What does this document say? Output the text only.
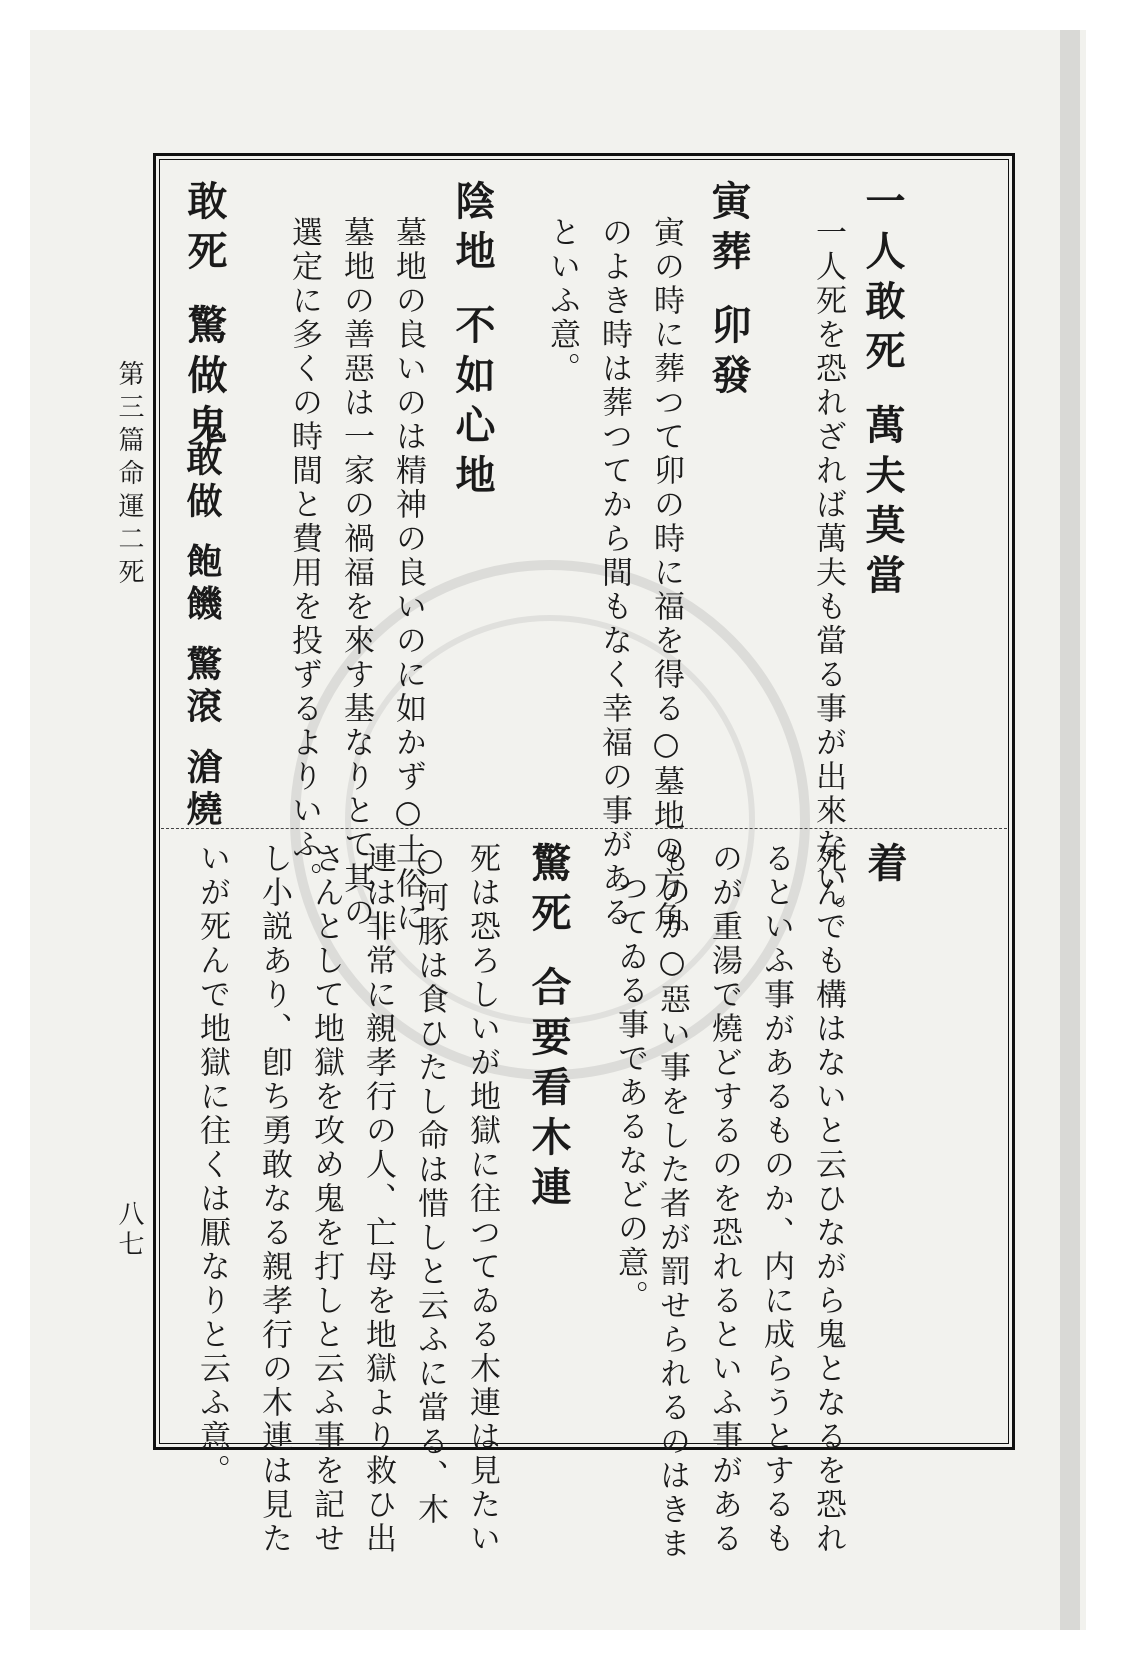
第三篇命運二死
八七
一人敢死 萬夫莫當
一人死を恐れざれば萬夫も當る事が出來ない。
寅葬 卯發
寅の時に葬つて卯の時に福を得る○墓地の方角
のよき時は葬つてから間もなく幸福の事がある
といふ意。
陰地 不如心地
墓地の良いのは精神の良いのに如かず○土俗に
墓地の善惡は一家の禍福を來す基なりとて其の
選定に多くの時間と費用を投ずるよりいふ。
敢死 驚做鬼
敢做 飽饑 驚滾 滄燒
着
死んでも構はないと云ひながら鬼となるを恐れ
るといふ事があるものか、内に成らうとするも
のが重湯で燒どするのを恐れるといふ事がある
ものか○惡い事をした者が罰せられるのはきま
つてゐる事であるなどの意。
驚死 合要看木連
死は恐ろしいが地獄に往つてゐる木連は見たい
○河豚は食ひたし命は惜しと云ふに當る、木
連は非常に親孝行の人、亡母を地獄より救ひ出
さんとして地獄を攻め鬼を打しと云ふ事を記せ
し小説あり、卽ち勇敢なる親孝行の木連は見た
いが死んで地獄に往くは厭なりと云ふ意。
